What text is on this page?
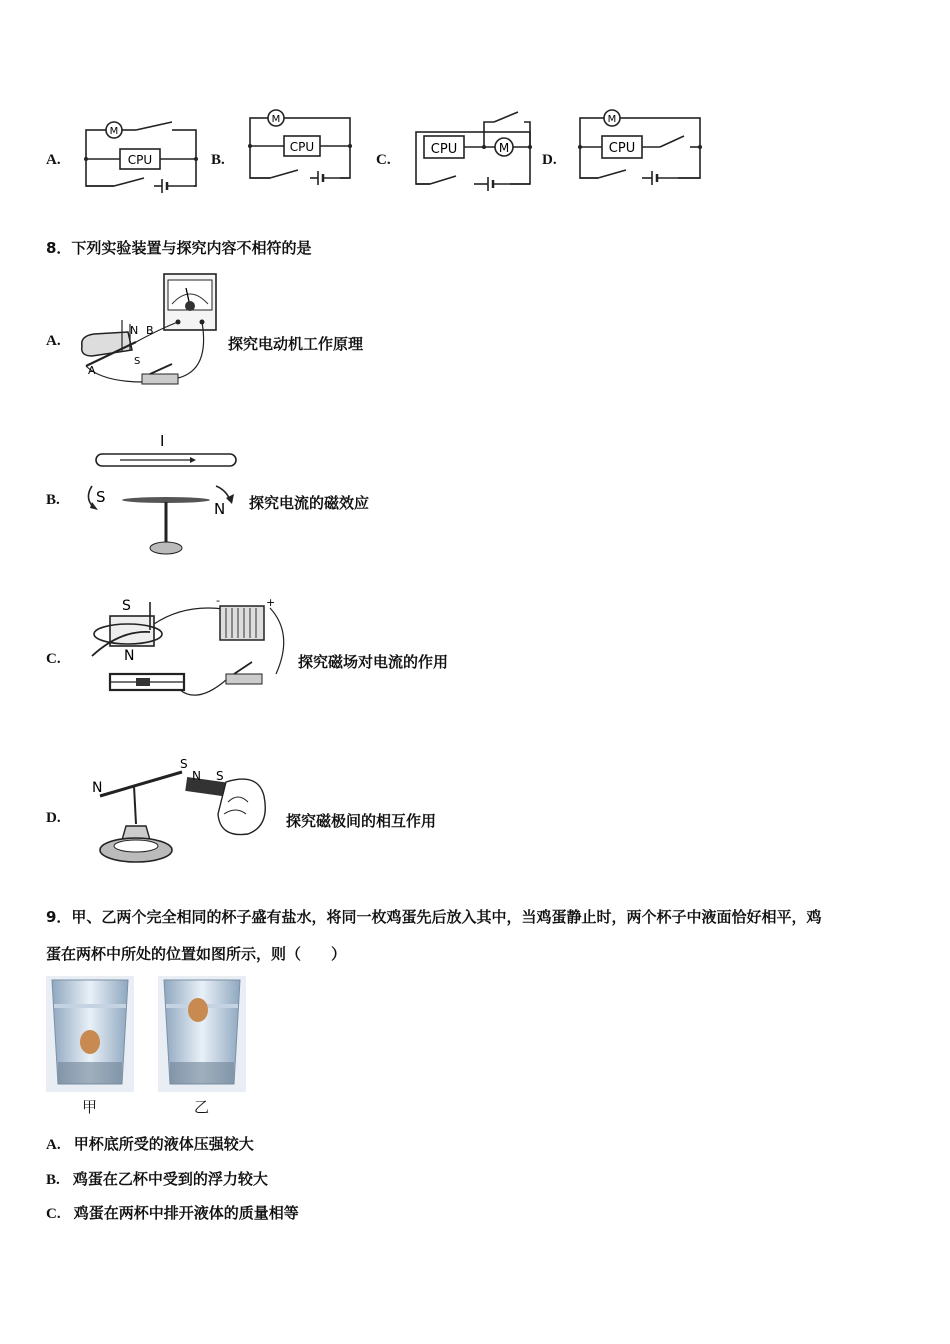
A.
M
CPU	B.
M
CPU
C.
M
CPU
D.
M
CPU
8．下列实验装置与探究内容不相符的是
A.
N B
S
A
探究电动机工作原理
B.
I
S
N 探究电流的磁效应
C.
S
N
-	+
探究磁场对电流的作用
D.
N
S
N S
探究磁极间的相互作用
9．甲、乙两个完全相同的杯子盛有盐水，将同一枚鸡蛋先后放入其中，当鸡蛋静止时，两个杯子中液面恰好相平，鸡
蛋在两杯中所处的位置如图所示，则（　　）
甲	乙
A. 甲杯底所受的液体压强较大
B. 鸡蛋在乙杯中受到的浮力较大
C. 鸡蛋在两杯中排开液体的质量相等
